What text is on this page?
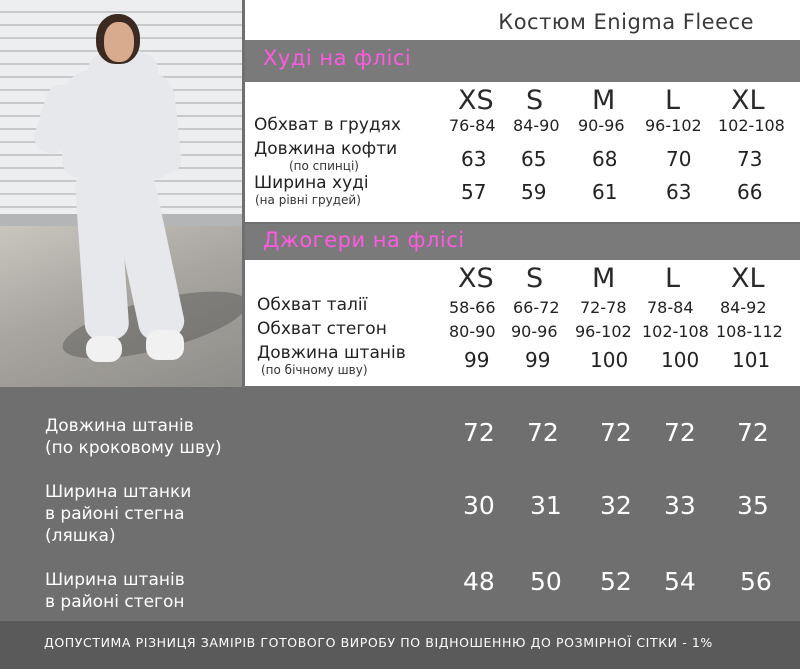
Костюм Enigma Fleece
Худі на флісі
XS S M L XL
Обхват в грудях	76-84 84-90 90-96 96-102 102-108
Довжина кофти
(по спинці)	63 65 68 70 73
Ширина худі
(на рівні грудей)	57 59 61 63 66
Джогери на флісі
XS S M L XL
Обхват талії	58-66 66-72 72-78 78-84 84-92
Обхват стегон	80-90 90-96 96-102 102-108 108-112
Довжина штанів
(по бічному шву)	99 99 100 100 101
Довжина штанів
(по кроковому шву)
72 72 72 72 72
Ширина штанки
в районі стегна
(ляшка)
30 31 32 33 35
Ширина штанів
в районі стегон
48 50 52 54 56
ДОПУСТИМА РІЗНИЦЯ ЗАМІРІВ ГОТОВОГО ВИРОБУ ПО ВІДНОШЕННЮ ДО РОЗМІРНОЇ СІТКИ - 1%
